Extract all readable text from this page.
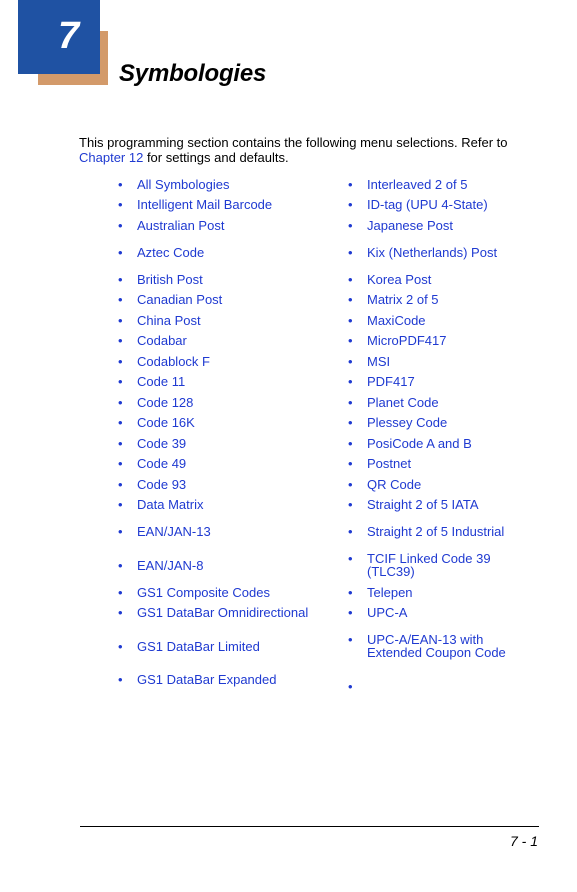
7
Symbologies

This programming section contains the following menu selections. Refer to Chapter 12 for settings and defaults.

• All Symbologies	• Interleaved 2 of 5
• Intelligent Mail Barcode	• ID-tag (UPU 4-State)
• Australian Post	• Japanese Post
• Aztec Code	• Kix (Netherlands) Post
• British Post	• Korea Post
• Canadian Post	• Matrix 2 of 5
• China Post	• MaxiCode
• Codabar	• MicroPDF417
• Codablock F	• MSI
• Code 11	• PDF417
• Code 128	• Planet Code
• Code 16K	• Plessey Code
• Code 39	• PosiCode A and B
• Code 49	• Postnet
• Code 93	• QR Code
• Data Matrix	• Straight 2 of 5 IATA
• EAN/JAN-13	• Straight 2 of 5 Industrial
• EAN/JAN-8	• TCIF Linked Code 39 (TLC39)
• GS1 Composite Codes	• Telepen
• GS1 DataBar Omnidirectional	• UPC-A
• GS1 DataBar Limited	• UPC-A/EAN-13 with Extended Coupon Code
• GS1 DataBar Expanded	•
7 - 1
